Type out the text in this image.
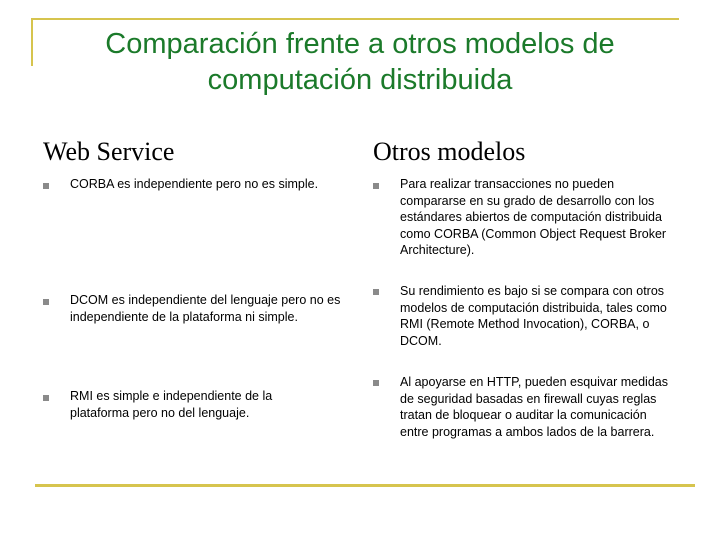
Comparación frente a otros modelos de
computación distribuida
Web Service	Otros modelos
CORBA es independiente pero no es simple.
DCOM es independiente del lenguaje pero no es independiente de la plataforma ni simple.
RMI es simple e independiente de la plataforma pero no del lenguaje.
Para realizar transacciones no pueden compararse en su grado de desarrollo con los estándares abiertos de computación distribuida como CORBA (Common Object Request Broker Architecture).
Su rendimiento es bajo si se compara con otros modelos de computación distribuida, tales como RMI (Remote Method Invocation), CORBA, o DCOM.
Al apoyarse en HTTP, pueden esquivar medidas de seguridad basadas en firewall cuyas reglas tratan de bloquear o auditar la comunicación entre programas a ambos lados de la barrera.
